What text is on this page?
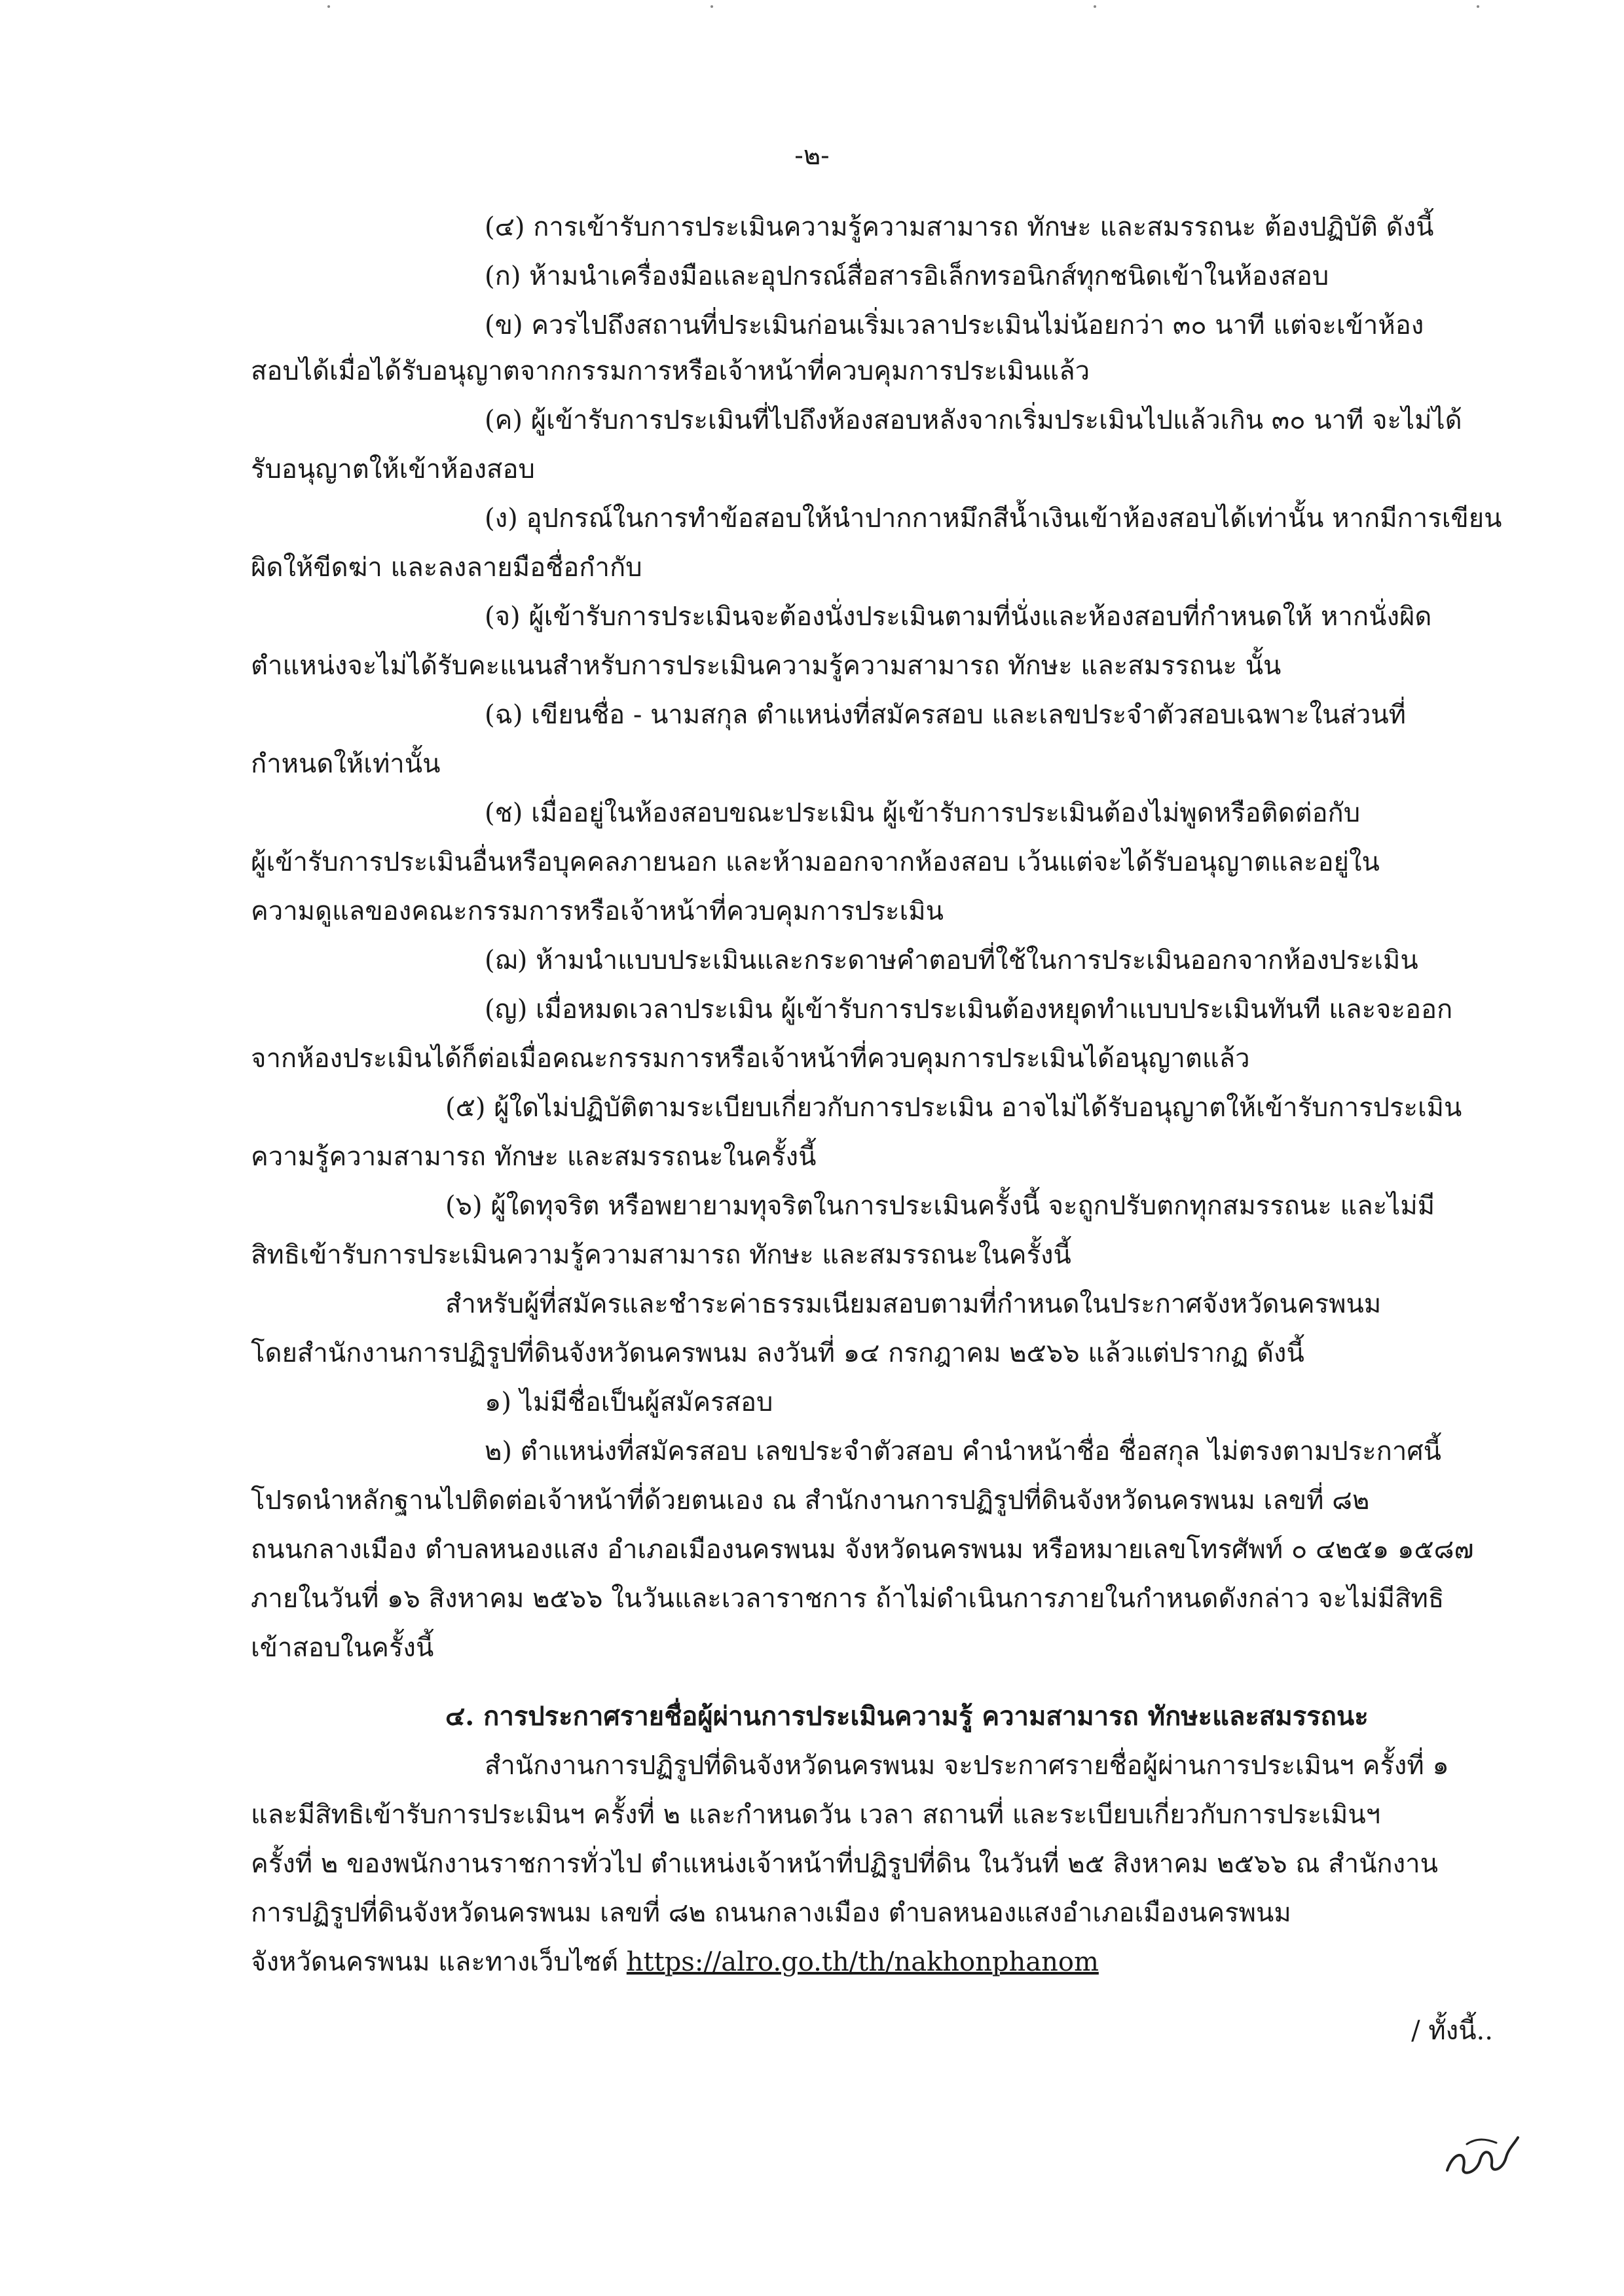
-๒-
(๔) การเข้ารับการประเมินความรู้ความสามารถ ทักษะ และสมรรถนะ ต้องปฏิบัติ ดังนี้
(ก) ห้ามนำเครื่องมือและอุปกรณ์สื่อสารอิเล็กทรอนิกส์ทุกชนิดเข้าในห้องสอบ
(ข) ควรไปถึงสถานที่ประเมินก่อนเริ่มเวลาประเมินไม่น้อยกว่า ๓๐ นาที แต่จะเข้าห้อง
สอบได้เมื่อได้รับอนุญาตจากกรรมการหรือเจ้าหน้าที่ควบคุมการประเมินแล้ว
(ค) ผู้เข้ารับการประเมินที่ไปถึงห้องสอบหลังจากเริ่มประเมินไปแล้วเกิน ๓๐ นาที จะไม่ได้
รับอนุญาตให้เข้าห้องสอบ
(ง) อุปกรณ์ในการทำข้อสอบให้นำปากกาหมึกสีน้ำเงินเข้าห้องสอบได้เท่านั้น หากมีการเขียน
ผิดให้ขีดฆ่า และลงลายมือชื่อกำกับ
(จ) ผู้เข้ารับการประเมินจะต้องนั่งประเมินตามที่นั่งและห้องสอบที่กำหนดให้ หากนั่งผิด
ตำแหน่งจะไม่ได้รับคะแนนสำหรับการประเมินความรู้ความสามารถ ทักษะ และสมรรถนะ นั้น
(ฉ) เขียนชื่อ - นามสกุล ตำแหน่งที่สมัครสอบ และเลขประจำตัวสอบเฉพาะในส่วนที่
กำหนดให้เท่านั้น
(ช) เมื่ออยู่ในห้องสอบขณะประเมิน ผู้เข้ารับการประเมินต้องไม่พูดหรือติดต่อกับ
ผู้เข้ารับการประเมินอื่นหรือบุคคลภายนอก และห้ามออกจากห้องสอบ เว้นแต่จะได้รับอนุญาตและอยู่ใน
ความดูแลของคณะกรรมการหรือเจ้าหน้าที่ควบคุมการประเมิน
(ฌ) ห้ามนำแบบประเมินและกระดาษคำตอบที่ใช้ในการประเมินออกจากห้องประเมิน
(ญ) เมื่อหมดเวลาประเมิน ผู้เข้ารับการประเมินต้องหยุดทำแบบประเมินทันที และจะออก
จากห้องประเมินได้ก็ต่อเมื่อคณะกรรมการหรือเจ้าหน้าที่ควบคุมการประเมินได้อนุญาตแล้ว
(๕) ผู้ใดไม่ปฏิบัติตามระเบียบเกี่ยวกับการประเมิน อาจไม่ได้รับอนุญาตให้เข้ารับการประเมิน
ความรู้ความสามารถ ทักษะ และสมรรถนะในครั้งนี้
(๖) ผู้ใดทุจริต หรือพยายามทุจริตในการประเมินครั้งนี้ จะถูกปรับตกทุกสมรรถนะ และไม่มี
สิทธิเข้ารับการประเมินความรู้ความสามารถ ทักษะ และสมรรถนะในครั้งนี้
สำหรับผู้ที่สมัครและชำระค่าธรรมเนียมสอบตามที่กำหนดในประกาศจังหวัดนครพนม
โดยสำนักงานการปฏิรูปที่ดินจังหวัดนครพนม ลงวันที่ ๑๔ กรกฎาคม ๒๕๖๖ แล้วแต่ปรากฏ ดังนี้
๑) ไม่มีชื่อเป็นผู้สมัครสอบ
๒) ตำแหน่งที่สมัครสอบ เลขประจำตัวสอบ คำนำหน้าชื่อ ชื่อสกุล ไม่ตรงตามประกาศนี้
โปรดนำหลักฐานไปติดต่อเจ้าหน้าที่ด้วยตนเอง ณ สำนักงานการปฏิรูปที่ดินจังหวัดนครพนม เลขที่ ๘๒
ถนนกลางเมือง ตำบลหนองแสง อำเภอเมืองนครพนม จังหวัดนครพนม หรือหมายเลขโทรศัพท์ ๐ ๔๒๕๑ ๑๕๘๗
ภายในวันที่ ๑๖ สิงหาคม ๒๕๖๖ ในวันและเวลาราชการ ถ้าไม่ดำเนินการภายในกำหนดดังกล่าว จะไม่มีสิทธิ
เข้าสอบในครั้งนี้
๔. การประกาศรายชื่อผู้ผ่านการประเมินความรู้ ความสามารถ ทักษะและสมรรถนะ
สำนักงานการปฏิรูปที่ดินจังหวัดนครพนม จะประกาศรายชื่อผู้ผ่านการประเมินฯ ครั้งที่ ๑
และมีสิทธิเข้ารับการประเมินฯ ครั้งที่ ๒ และกำหนดวัน เวลา สถานที่ และระเบียบเกี่ยวกับการประเมินฯ
ครั้งที่ ๒ ของพนักงานราชการทั่วไป ตำแหน่งเจ้าหน้าที่ปฏิรูปที่ดิน ในวันที่ ๒๕ สิงหาคม ๒๕๖๖ ณ สำนักงาน
การปฏิรูปที่ดินจังหวัดนครพนม เลขที่ ๘๒ ถนนกลางเมือง ตำบลหนองแสงอำเภอเมืองนครพนม
จังหวัดนครพนม และทางเว็บไซต์ https://alro.go.th/th/nakhonphanom
/ ทั้งนี้..
